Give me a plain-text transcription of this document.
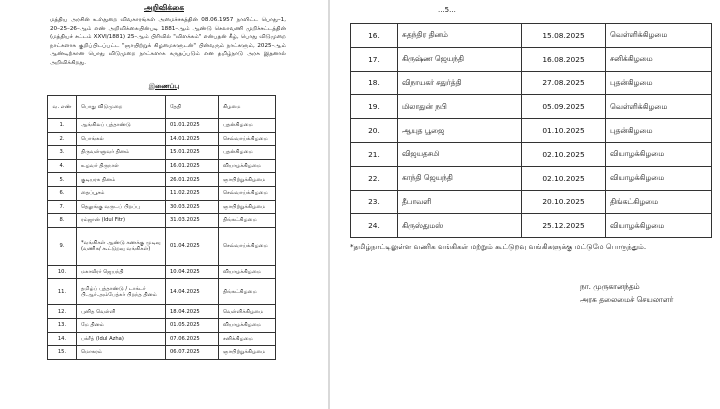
அறிவிக்கை

மத்திய அரசின் உள்துறை விவகாரங்கள் அமைச்சகத்தின் 08.06.1957 நாளிட்ட பொது–1, 20–25–26–ஆம் எண் அறிவிக்கையின்படி 1881–ஆம் ஆண்டு செலாவணி முறிச்சட்டத்தின் (மத்தியச் சட்டம் XXVI/1881) 25–ஆம் பிரிவில் "விளக்கம்" என்பதன் கீழ், பொது விடுமுறை நாட்களாக குறிப்பிடப்பட்ட "ஞாயிற்றுக் கிழமைகளுடன்" பின்வரும் நாட்களும், 2025–ஆம் ஆண்டிற்கான பொது விடுமுறை நாட்களாக கருதப்படும் என தமிழ்நாடு அரசு இதனால் அறிவிக்கிறது.

இணைப்பு
வ. எண்	பொது விடுமுறை	தேதி	கிழமை
1.	ஆங்கிலப் புத்தாண்டு	01.01.2025	புதன்கிழமை
2.	பொங்கல்	14.01.2025	செவ்வாய்க்கிழமை
3.	திருவள்ளுவர் தினம்	15.01.2025	புதன்கிழமை
4.	உழவர் திருநாள்	16.01.2025	வியாழக்கிழமை
5.	குடியரசு தினம்	26.01.2025	ஞாயிற்றுக்கிழமை
6.	தைப்பூசம்	11.02.2025	செவ்வாய்க்கிழமை
7.	தெலுங்கு வருடப் பிறப்பு	30.03.2025	ஞாயிற்றுக்கிழமை
8.	ரம்ஜான் (Idul Fitr)	31.03.2025	திங்கட்கிழமை
9.	*வங்கிகள் ஆண்டு கணக்கு முடிவு (வணிக/ கூட்டுறவு வங்கிகள்)	01.04.2025	செவ்வாய்க்கிழமை
10.	மகாவீரர் ஜெயந்தி	10.04.2025	வியாழக்கிழமை
11.	தமிழ்ப் புத்தாண்டு / டாக்டர் பி.ஆர்.அம்பேத்கர் பிறந்த தினம்	14.04.2025	திங்கட்கிழமை
12.	புனித வெள்ளி	18.04.2025	வெள்ளிக்கிழமை
13.	மே தினம்	01.05.2025	வியாழக்கிழமை
14.	பக்ரீத் (Idul Azha)	07.06.2025	சனிக்கிழமை
15.	மொகரம்	06.07.2025	ஞாயிற்றுக்கிழமை
...5...
16.	சுதந்திர தினம்	15.08.2025	வெள்ளிக்கிழமை
17.	கிருஷ்ண ஜெயந்தி	16.08.2025	சனிக்கிழமை
18.	விநாயகர் சதுர்த்தி	27.08.2025	புதன்கிழமை
19.	மிலாதுன் நபி	05.09.2025	வெள்ளிக்கிழமை
20.	ஆயுத பூஜை	01.10.2025	புதன்கிழமை
21.	விஜயதசமி	02.10.2025	வியாழக்கிழமை
22.	காந்தி ஜெயந்தி	02.10.2025	வியாழக்கிழமை
23.	தீபாவளி	20.10.2025	திங்கட்கிழமை
24.	கிருஸ்துமஸ்	25.12.2025	வியாழக்கிழமை

*தமிழ்நாட்டிலுள்ள வணிக வங்கிகள் மற்றும் கூட்டுறவு வங்கிகளுக்கு மட்டுமே பொருந்தும்.

நா. முருகானந்தம்
அரசு தலைமைச் செயலாளர்
